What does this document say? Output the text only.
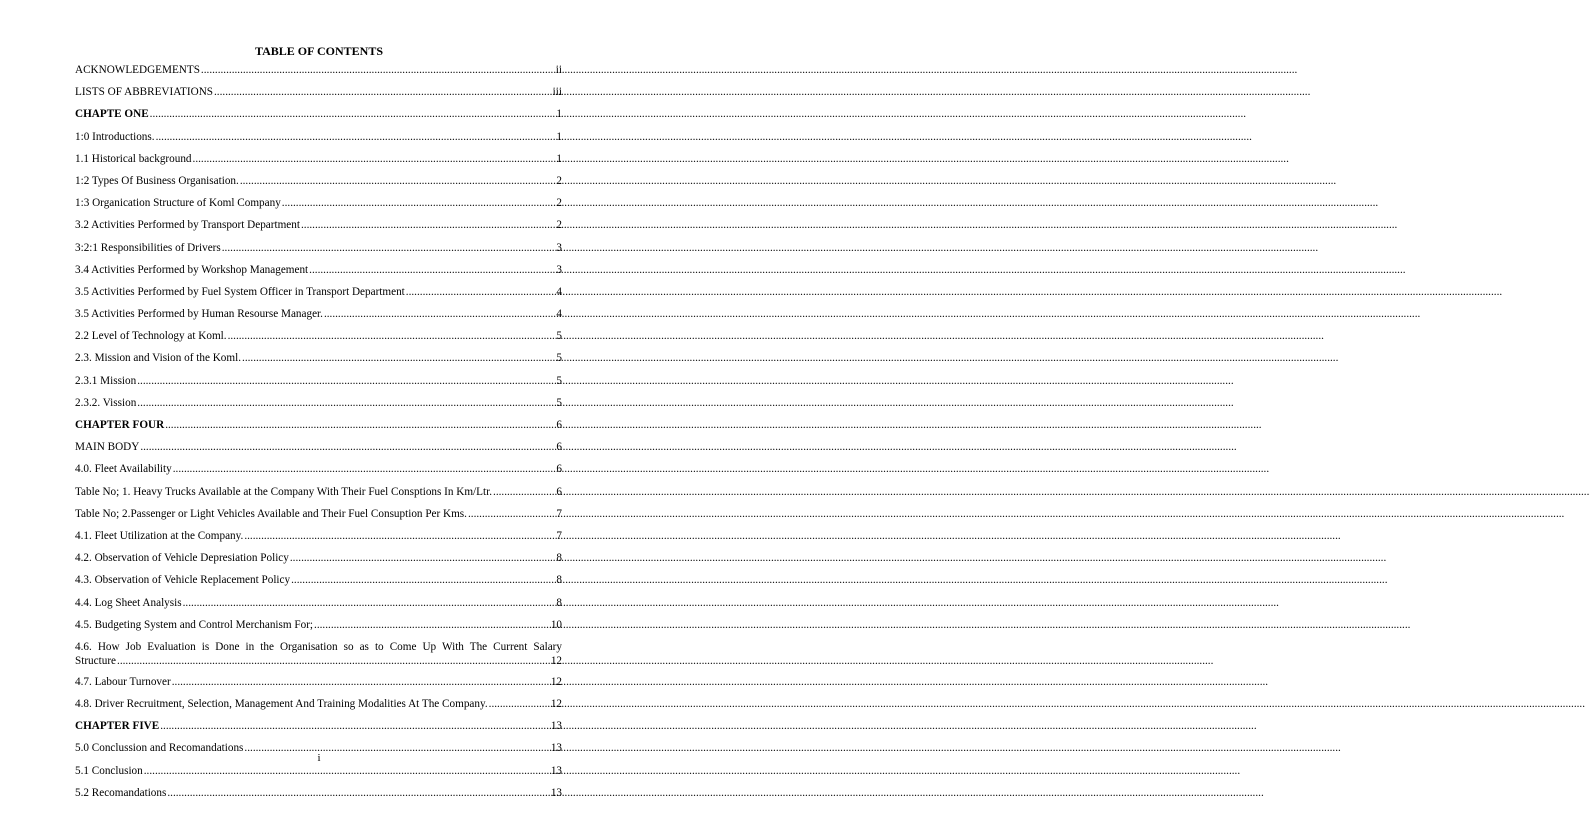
TABLE OF CONTENTS
ACKNOWLEDGEMENTS .....	ii
LISTS OF ABBREVIATIONS .....	iii
CHAPTE ONE .....	1
1:0 Introductions. .....	1
1.1 Historical background .....	1
1:2 Types Of Business Organisation. .....	2
1:3 Organication Structure of Koml Company .....	2
3.2 Activities Performed by Transport Department .....	2
3:2:1 Responsibilities of Drivers .....	3
3.4 Activities Performed by Workshop Management .....	3
3.5 Activities Performed by Fuel System Officer in Transport Department .....	4
3.5 Activities Performed by Human Resourse Manager. .....	4
2.2 Level of Technology at Koml. .....	5
2.3. Mission and Vision of the Koml. .....	5
2.3.1 Mission .....	5
2.3.2. Vission .....	5
CHAPTER FOUR .....	6
MAIN BODY .....	6
4.0. Fleet Availability .....	6
Table No; 1. Heavy Trucks Available at the Company With Their Fuel Consptions In Km/Ltr. .....	6
Table No; 2.Passenger or Light Vehicles Available and Their Fuel Consuption Per Kms. .....	7
4.1. Fleet Utilization at the Company. .....	7
4.2. Observation of Vehicle Depresiation Policy .....	8
4.3. Observation of Vehicle Replacement Policy .....	8
4.4. Log Sheet Analysis .....	8
4.5. Budgeting System and Control Merchanism For; .....	10
4.6. How Job Evaluation is Done in the Organisation so as to Come Up With The Current Salary
Structure .....	12
4.7. Labour Turnover .....	12
4.8. Driver Recruitment, Selection, Management And Training Modalities At The Company. .....	12
CHAPTER FIVE .....	13
5.0 Conclussion and Recomandations .....	13
5.1 Conclusion .....	13
5.2 Recomandations .....	13
i
